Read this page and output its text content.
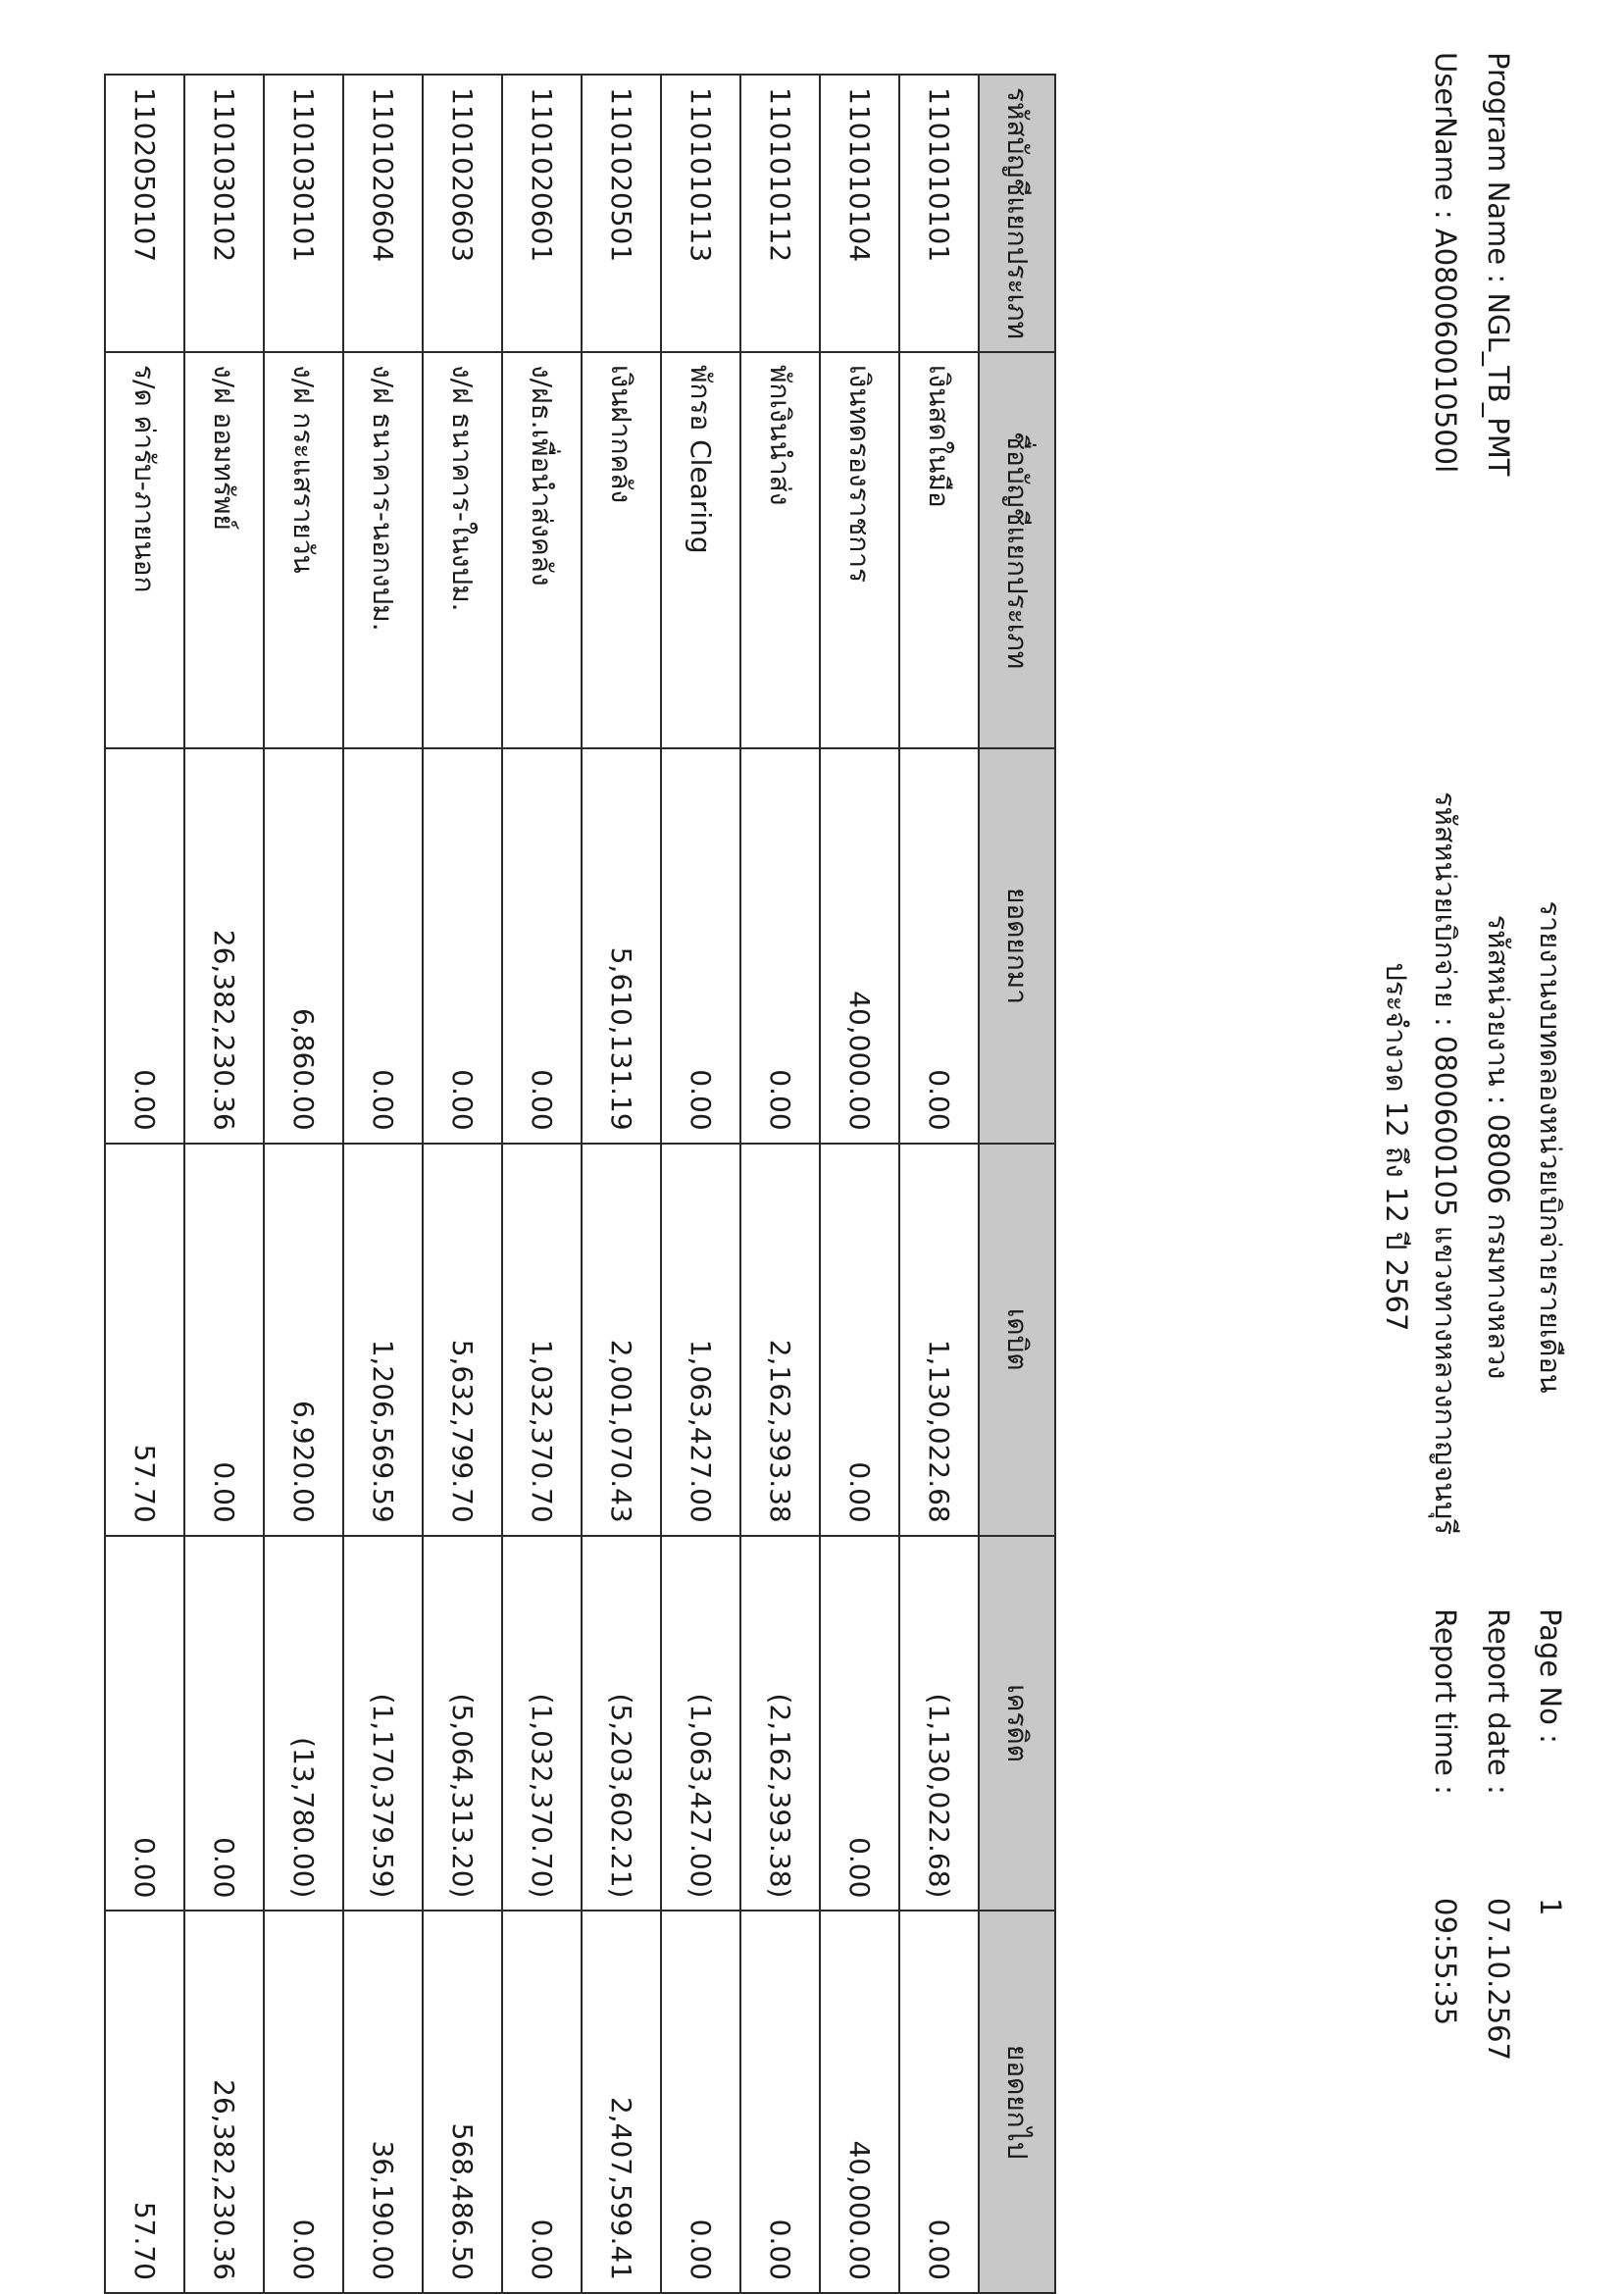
รายงานงบทดลองหน่วยเบิกจ่ายรายเดือน
รหัสหน่วยงาน : 08006 กรมทางหลวง
รหัสหน่วยเบิกจ่าย : 0800600105 แขวงทางหลวงกาญจนบุรี
ประจำงวด 12 ถึง 12 ปี 2567
Program Name : NGL_TB_PMT
UserName : A080060010500l
Page No :
1
Report date :
07.10.2567
Report time :
09:55:35
รหัสบัญชีแยกประเภท	ชื่อบัญชีแยกประเภท	ยอดยกมา	เดบิต	เครดิต	ยอดยกไป
1101010101	เงินสดในมือ	0.00	1,130,022.68	(1,130,022.68)	0.00
1101010104	เงินทดรองราชการ	40,000.00	0.00	0.00	40,000.00
1101010112	พักเงินนำส่ง	0.00	2,162,393.38	(2,162,393.38)	0.00
1101010113	พักรอ Clearing	0.00	1,063,427.00	(1,063,427.00)	0.00
1101020501	เงินฝากคลัง	5,610,131.19	2,001,070.43	(5,203,602.21)	2,407,599.41
1101020601	ง/ฝธ.เพื่อนำส่งคลัง	0.00	1,032,370.70	(1,032,370.70)	0.00
1101020603	ง/ฝ ธนาคาร-ในงปม.	0.00	5,632,799.70	(5,064,313.20)	568,486.50
1101020604	ง/ฝ ธนาคาร-นอกงปม.	0.00	1,206,569.59	(1,170,379.59)	36,190.00
1101030101	ง/ฝ กระแสรายวัน	6,860.00	6,920.00	(13,780.00)	0.00
1101030102	ง/ฝ ออมทรัพย์	26,382,230.36	0.00	0.00	26,382,230.36
1102050107	ร/ด ค่ารับ-ภายนอก	0.00	57.70	0.00	57.70
